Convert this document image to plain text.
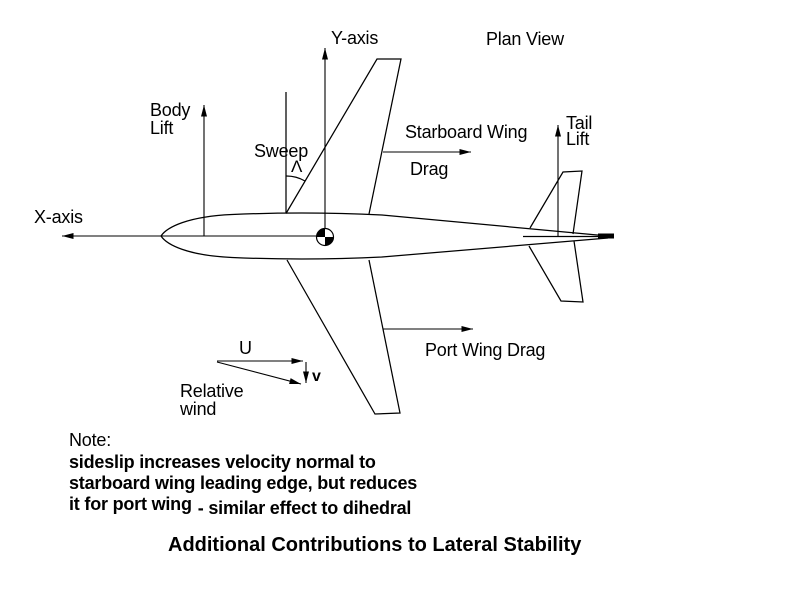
Y-axis	Plan View
Body
Lift
Sweep
Λ
X-axis
Starboard Wing
Drag
Tail
Lift
Port Wing Drag
U
v
Relative
wind
Note:
sideslip increases velocity normal to
starboard wing leading edge, but reduces
it for port wing - similar effect to dihedral
Additional Contributions to Lateral Stability
